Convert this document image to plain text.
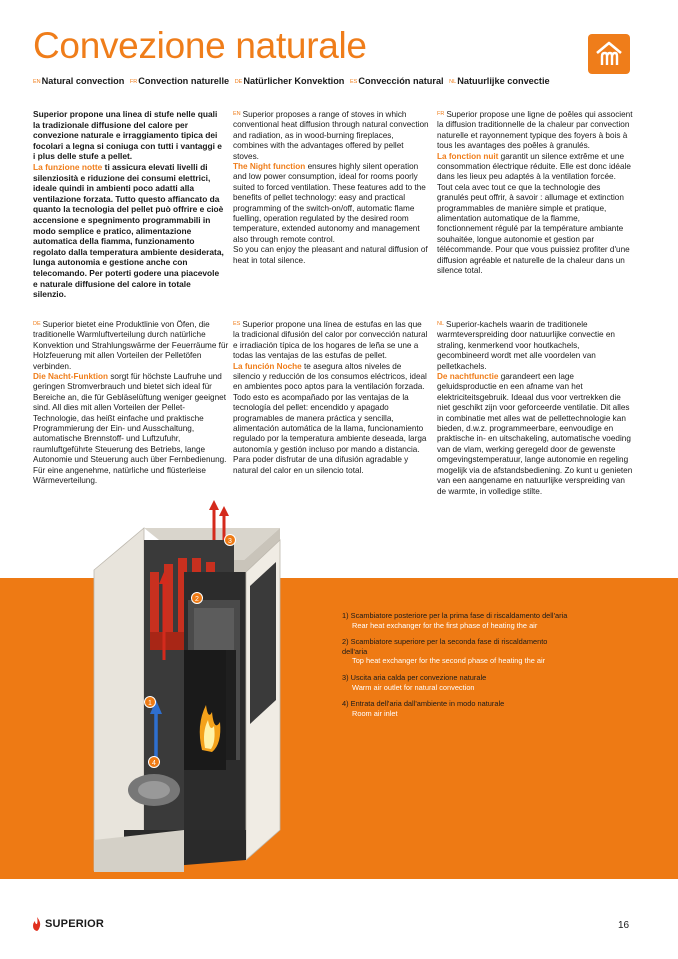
Convezione naturale
ENNatural convection FRConvection naturelle DENatürlicher Konvektion ESConvección natural NLNatuurlijke convectie
Superior propone una linea di stufe nelle quali la tradizionale diffusione del calore per convezione naturale e irraggiamento tipica dei focolari a legna si coniuga con tutti i vantaggi e i plus delle stufe a pellet.
La funzione notte ti assicura elevati livelli di silenziosità e riduzione dei consumi elettrici, ideale quindi in ambienti poco adatti alla ventilazione forzata. Tutto questo affiancato da quanto la tecnologia del pellet può offrire e cioè accensione e spegnimento programmabili in modo semplice e pratico, alimentazione automatica della fiamma, funzionamento regolato dalla temperatura ambiente desiderata, lunga autonomia e gestione anche con telecomando. Per poterti godere una piacevole e naturale diffusione del calore in totale silenzio.
$^{EN}$ Superior proposes a range of stoves in which conventional heat diffusion through natural convection and radiation, as in wood-burning fireplaces, combines with the advantages offered by pellet stoves.
The Night function ensures highly silent operation and low power consumption, ideal for rooms poorly suited to forced ventilation. These features add to the benefits of pellet technology: easy and practical programming of the switch-on/off, automatic flame fuelling, operation regulated by the desired room temperature, extended autonomy and management also through remote control.
So you can enjoy the pleasant and natural diffusion of heat in total silence.
$^{FR}$ Superior propose une ligne de poêles qui associent la diffusion traditionnelle de la chaleur par convection naturelle et rayonnement typique des foyers à bois à tous les avantages des poêles à granulés.
La fonction nuit garantit un silence extrême et une consommation électrique réduite. Elle est donc idéale dans les lieux peu adaptés à la ventilation forcée. Tout cela avec tout ce que la technologie des granulés peut offrir, à savoir : allumage et extinction programmables de manière simple et pratique, alimentation automatique de la flamme, fonctionnement régulé par la température ambiante souhaitée, longue autonomie et gestion par télécommande. Pour que vous puissiez profiter d'une diffusion agréable et naturelle de la chaleur dans un silence total.
$^{DE}$ Superior bietet eine Produktlinie von Öfen, die traditionelle Warmluftverteilung durch natürliche Konvektion und Strahlungswärme der Feuerräume für Holzfeuerung mit allen Vorteilen der Pelletöfen verbinden.
Die Nacht-Funktion sorgt für höchste Laufruhe und geringen Stromverbrauch und bietet sich ideal für Bereiche an, die für Gebläselüftung weniger geeignet sind. All dies mit allen Vorteilen der Pellet-Technologie, das heißt einfache und praktische Programmierung der Ein- und Ausschaltung, automatische Brennstoff- und Luftzufuhr, raumluftgeführte Steuerung des Betriebs, lange Autonomie und Steuerung auch über Fernbedienung. Für eine angenehme, natürliche und flüsterleise Wärmeverteilung.
$^{ES}$ Superior propone una línea de estufas en las que la tradicional difusión del calor por convección natural e irradiación típica de los hogares de leña se une a todas las ventajas de las estufas de pellet.
La función Noche te asegura altos niveles de silencio y reducción de los consumos eléctricos, ideal en ambientes poco aptos para la ventilación forzada. Todo esto es acompañado por las ventajas de la tecnología del pellet: encendido y apagado programables de manera práctica y sencilla, alimentación automática de la llama, funcionamiento regulado por la temperatura ambiente deseada, larga autonomía y gestión incluso por mando a distancia. Para poder disfrutar de una difusión agradable y natural del calor en un silencio total.
$^{NL}$ Superior-kachels waarin de traditionele warmteverspreiding door natuurlijke convectie en straling, kenmerkend voor houtkachels, gecombineerd wordt met alle voordelen van pelletkachels.
De nachtfunctie garandeert een lage geluidsproductie en een afname van het elektriciteitsgebruik. Ideaal dus voor vertrekken die niet geschikt zijn voor geforceerde ventilatie. Dit alles in combinatie met alles wat de pellettechnologie kan bieden, d.w.z. programmeerbare, eenvoudige en praktische in- en uitschakeling, automatische voeding van de vlam, werking geregeld door de gewenste omgevingstemperatuur, lange autonomie en regeling mogelijk via de afstandsbediening. Zo kunt u genieten van een aangename en natuurlijke verspreiding van de warmte, in volledige stilte.
1
2
3
4
1) Scambiatore posteriore per la prima fase di riscaldamento dell'aria
Rear heat exchanger for the first phase of heating the air
2) Scambiatore superiore per la seconda fase di riscaldamento dell'aria
Top heat exchanger for the second phase of heating the air
3) Uscita aria calda per convezione naturale
Warm air outlet for natural convection
4) Entrata dell'aria dall'ambiente in modo naturale
Room air inlet
SUPERIOR	16
